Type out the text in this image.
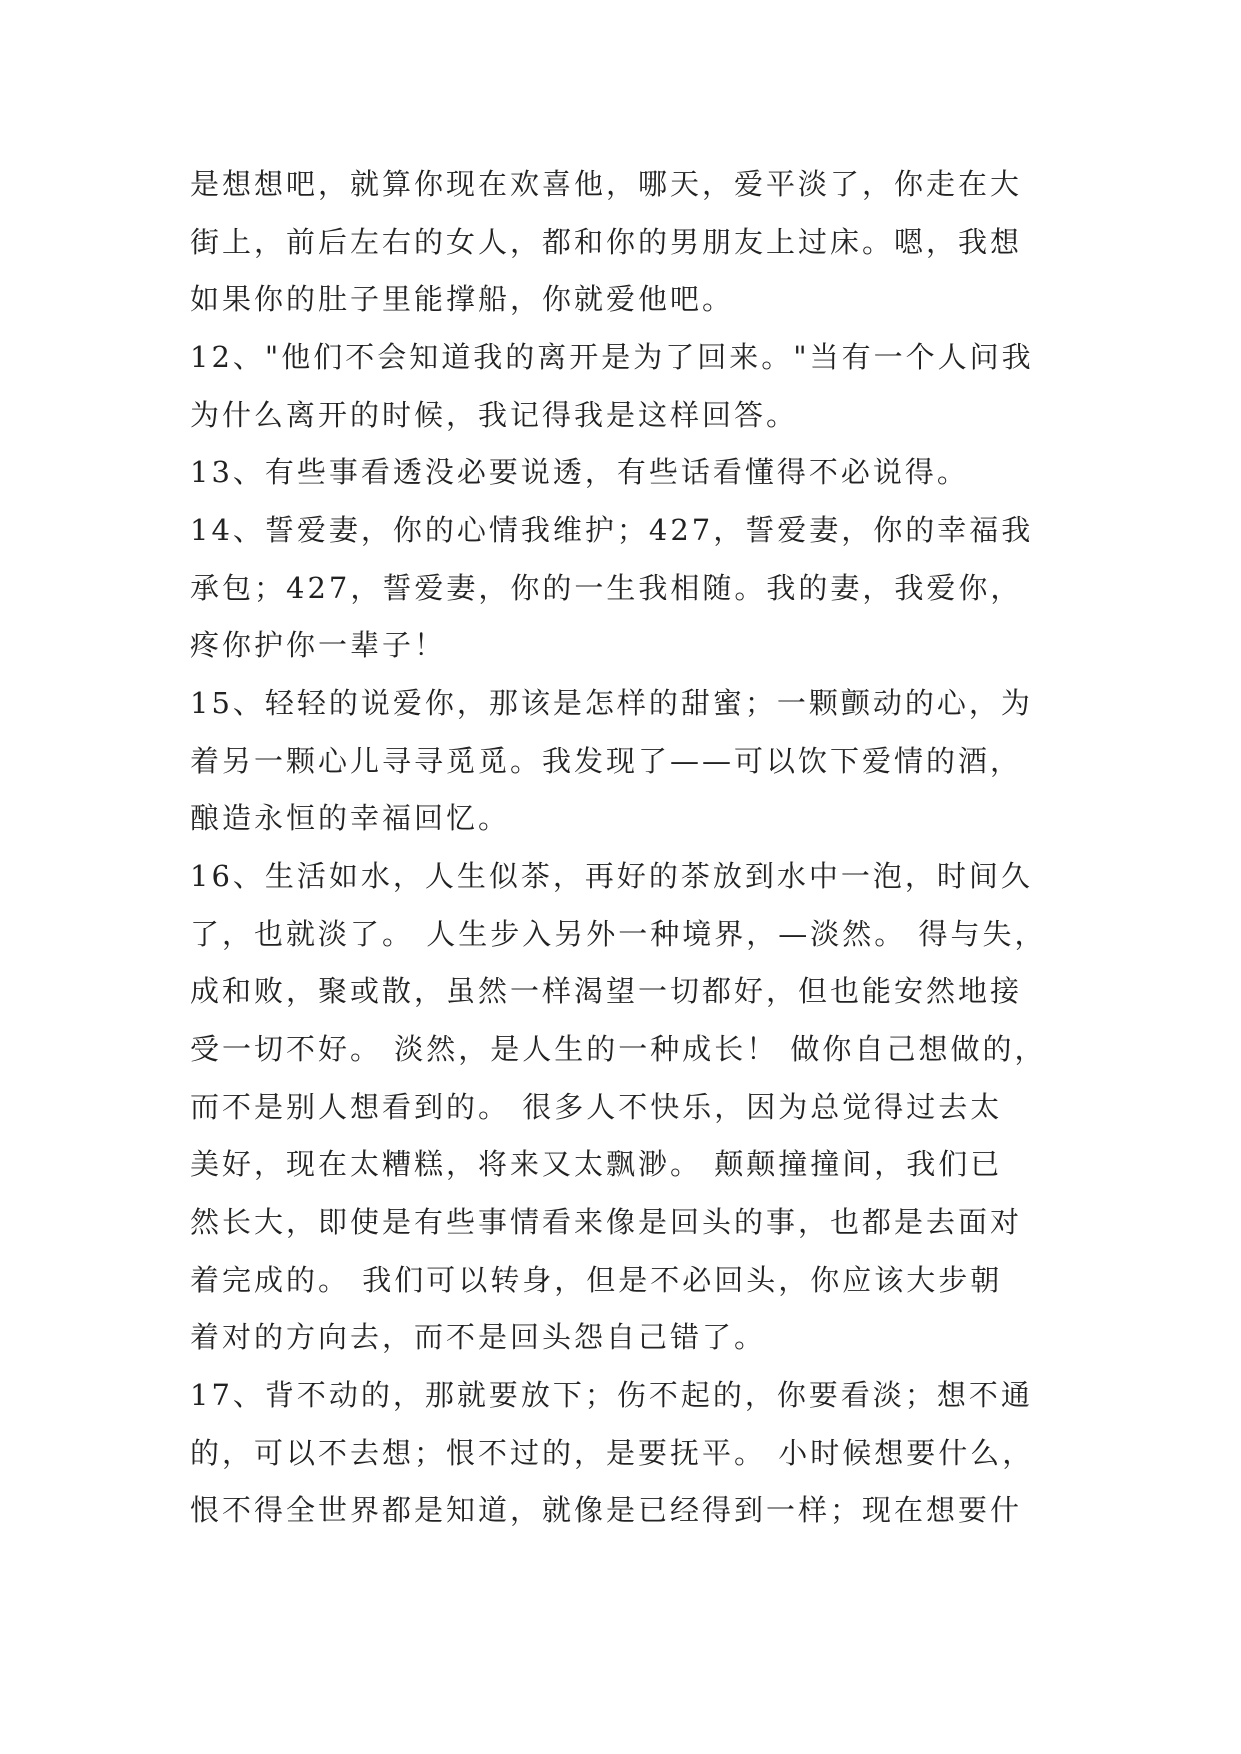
是想想吧，就算你现在欢喜他，哪天，爱平淡了，你走在大
街上，前后左右的女人，都和你的男朋友上过床。嗯，我想
如果你的肚子里能撑船，你就爱他吧。
12、"他们不会知道我的离开是为了回来。"当有一个人问我
为什么离开的时候，我记得我是这样回答。
13、有些事看透没必要说透，有些话看懂得不必说得。
14、誓爱妻，你的心情我维护；427，誓爱妻，你的幸福我
承包；427，誓爱妻，你的一生我相随。我的妻，我爱你，
疼你护你一辈子！
15、轻轻的说爱你，那该是怎样的甜蜜；一颗颤动的心，为
着另一颗心儿寻寻觅觅。我发现了——可以饮下爱情的酒，
酿造永恒的幸福回忆。
16、生活如水，人生似茶，再好的茶放到水中一泡，时间久
了，也就淡了。 人生步入另外一种境界，—淡然。 得与失，
成和败，聚或散，虽然一样渴望一切都好，但也能安然地接
受一切不好。 淡然，是人生的一种成长！ 做你自己想做的，
而不是别人想看到的。 很多人不快乐，因为总觉得过去太
美好，现在太糟糕，将来又太飘渺。 颠颠撞撞间，我们已
然长大，即使是有些事情看来像是回头的事，也都是去面对
着完成的。 我们可以转身，但是不必回头，你应该大步朝
着对的方向去，而不是回头怨自己错了。
17、背不动的，那就要放下；伤不起的，你要看淡；想不通
的，可以不去想；恨不过的，是要抚平。 小时候想要什么，
恨不得全世界都是知道，就像是已经得到一样；现在想要什
